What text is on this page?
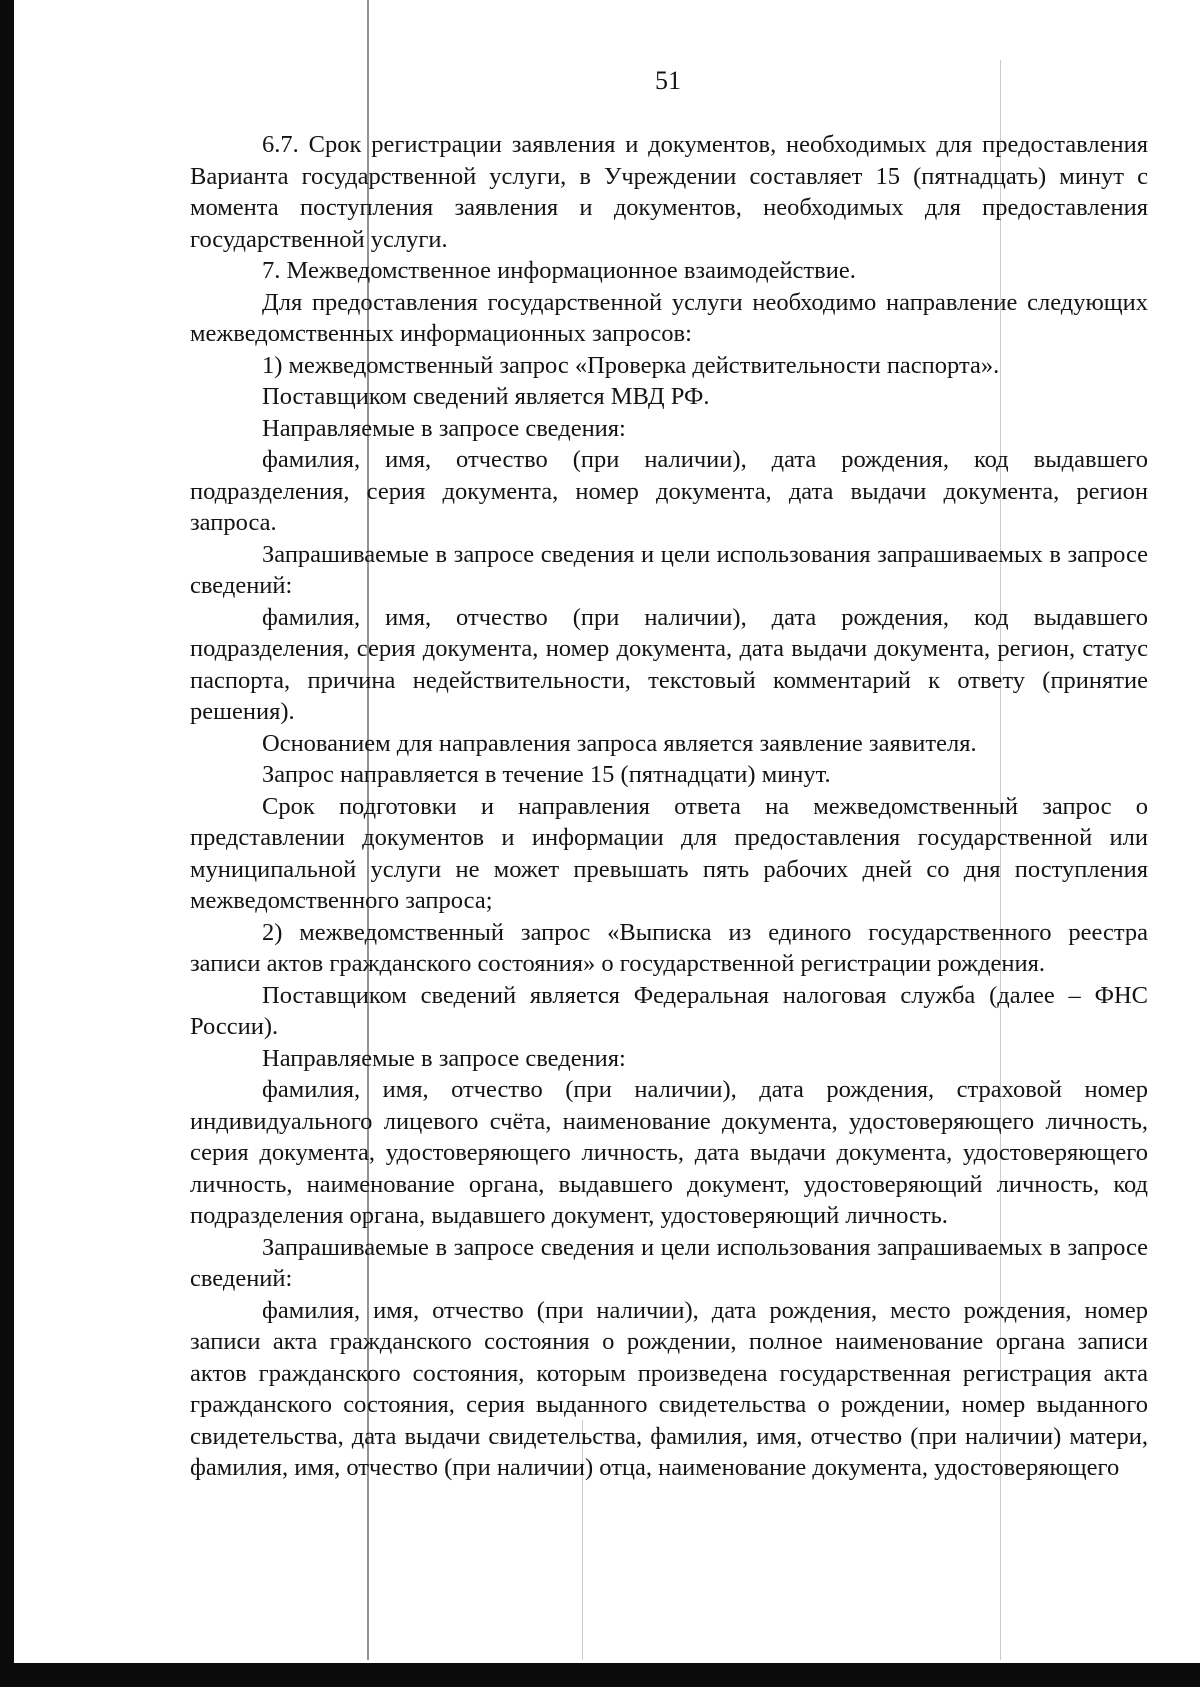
51

6.7. Срок регистрации заявления и документов, необходимых для предоставления Варианта государственной услуги, в Учреждении составляет 15 (пятнадцать) минут с момента поступления заявления и документов, необходимых для предоставления государственной услуги.

7. Межведомственное информационное взаимодействие.

Для предоставления государственной услуги необходимо направление следующих межведомственных информационных запросов:

1) межведомственный запрос «Проверка действительности паспорта».

Поставщиком сведений является МВД РФ.

Направляемые в запросе сведения:

фамилия, имя, отчество (при наличии), дата рождения, код выдавшего подразделения, серия документа, номер документа, дата выдачи документа, регион запроса.

Запрашиваемые в запросе сведения и цели использования запрашиваемых в запросе сведений:

фамилия, имя, отчество (при наличии), дата рождения, код выдавшего подразделения, серия документа, номер документа, дата выдачи документа, регион, статус паспорта, причина недействительности, текстовый комментарий к ответу (принятие решения).

Основанием для направления запроса является заявление заявителя.

Запрос направляется в течение 15 (пятнадцати) минут.

Срок подготовки и направления ответа на межведомственный запрос о представлении документов и информации для предоставления государственной или муниципальной услуги не может превышать пять рабочих дней со дня поступления межведомственного запроса;

2) межведомственный запрос «Выписка из единого государственного реестра записи актов гражданского состояния» о государственной регистрации рождения.

Поставщиком сведений является Федеральная налоговая служба (далее – ФНС России).

Направляемые в запросе сведения:

фамилия, имя, отчество (при наличии), дата рождения, страховой номер индивидуального лицевого счёта, наименование документа, удостоверяющего личность, серия документа, удостоверяющего личность, дата выдачи документа, удостоверяющего личность, наименование органа, выдавшего документ, удостоверяющий личность, код подразделения органа, выдавшего документ, удостоверяющий личность.

Запрашиваемые в запросе сведения и цели использования запрашиваемых в запросе сведений:

фамилия, имя, отчество (при наличии), дата рождения, место рождения, номер записи акта гражданского состояния о рождении, полное наименование органа записи актов гражданского состояния, которым произведена государственная регистрация акта гражданского состояния, серия выданного свидетельства о рождении, номер выданного свидетельства, дата выдачи свидетельства, фамилия, имя, отчество (при наличии) матери, фамилия, имя, отчество (при наличии) отца, наименование документа, удостоверяющего
